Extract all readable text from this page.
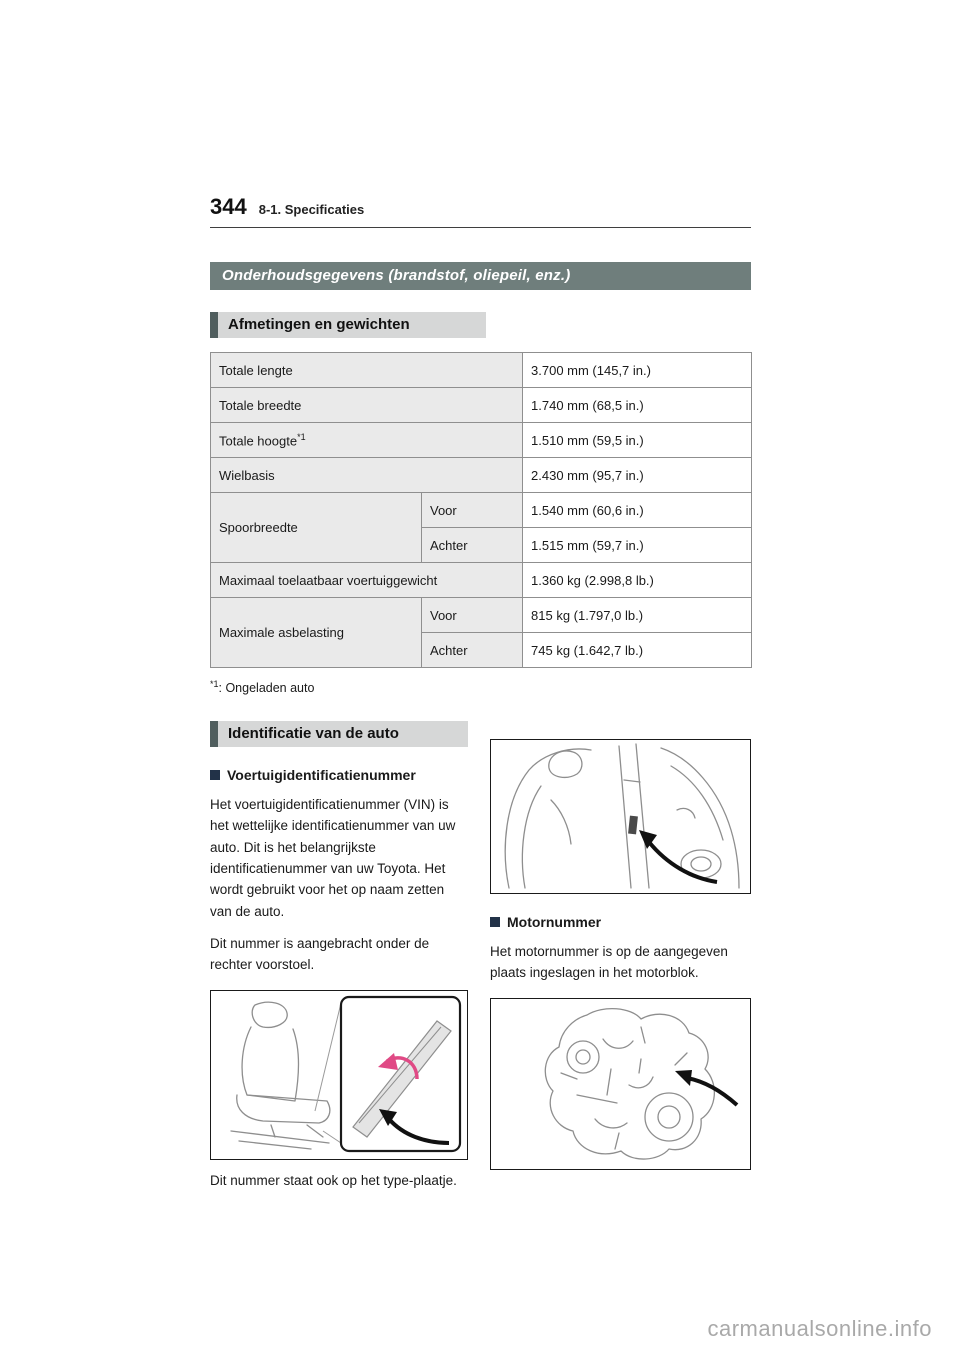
344 8-1. Specificaties
Onderhoudsgegevens (brandstof, oliepeil, enz.)
Afmetingen en gewichten
Totale lengte		3.700 mm (145,7 in.)
Totale breedte		1.740 mm (68,5 in.)
Totale hoogte$^{*1}$		1.510 mm (59,5 in.)
Wielbasis		2.430 mm (95,7 in.)
Spoorbreedte	Voor	1.540 mm (60,6 in.)
	Achter	1.515 mm (59,7 in.)
Maximaal toelaatbaar voertuiggewicht		1.360 kg (2.998,8 lb.)
Maximale asbelasting	Voor	815 kg (1.797,0 lb.)
	Achter	745 kg (1.642,7 lb.)
$^{*1}$: Ongeladen auto
Identificatie van de auto
Voertuigidentificatienummer

Het voertuigidentificatienummer (VIN) is het wettelijke identificatienummer van uw auto. Dit is het belangrijkste identificatienummer van uw Toyota. Het wordt gebruikt voor het op naam zetten van de auto.

Dit nummer is aangebracht onder de rechter voorstoel.

Dit nummer staat ook op het type-plaatje.
Motornummer

Het motornummer is op de aangegeven plaats ingeslagen in het motorblok.

carmanualsonline.info
